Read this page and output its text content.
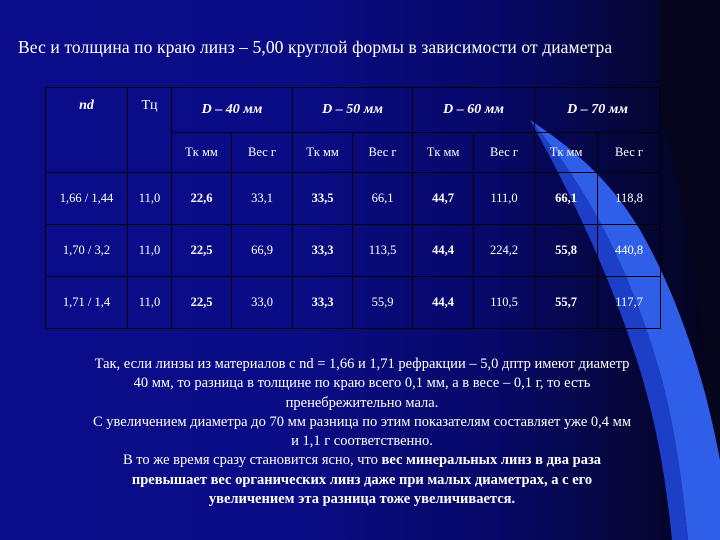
Вес и толщина по краю линз – 5,00 круглой формы в зависимости от диаметра
nd	Tц	D – 40 мм		D – 50 мм		D – 60 мм		D – 70 мм	
		Tк мм	Вес г	Tк мм	Вес г	Tк мм	Вес г	Tк мм	Вес г
1,66 / 1,44	11,0	22,6	33,1	33,5	66,1	44,7	111,0	66,1	118,8
1,70 / 3,2	11,0	22,5	66,9	33,3	113,5	44,4	224,2	55,8	440,8
1,71 / 1,4	11,0	22,5	33,0	33,3	55,9	44,4	110,5	55,7	117,7
Так, если линзы из материалов с nd = 1,66 и 1,71 рефракции – 5,0 дптр имеют диаметр
40 мм, то разница в толщине по краю всего 0,1 мм, а в весе – 0,1 г, то есть
пренебрежительно мала.
С увеличением диаметра до 70 мм разница по этим показателям составляет уже 0,4 мм
и 1,1 г соответственно.
В то же время сразу становится ясно, что вес минеральных линз в два раза
превышает вес органических линз даже при малых диаметрах, а с его
увеличением эта разница тоже увеличивается.
